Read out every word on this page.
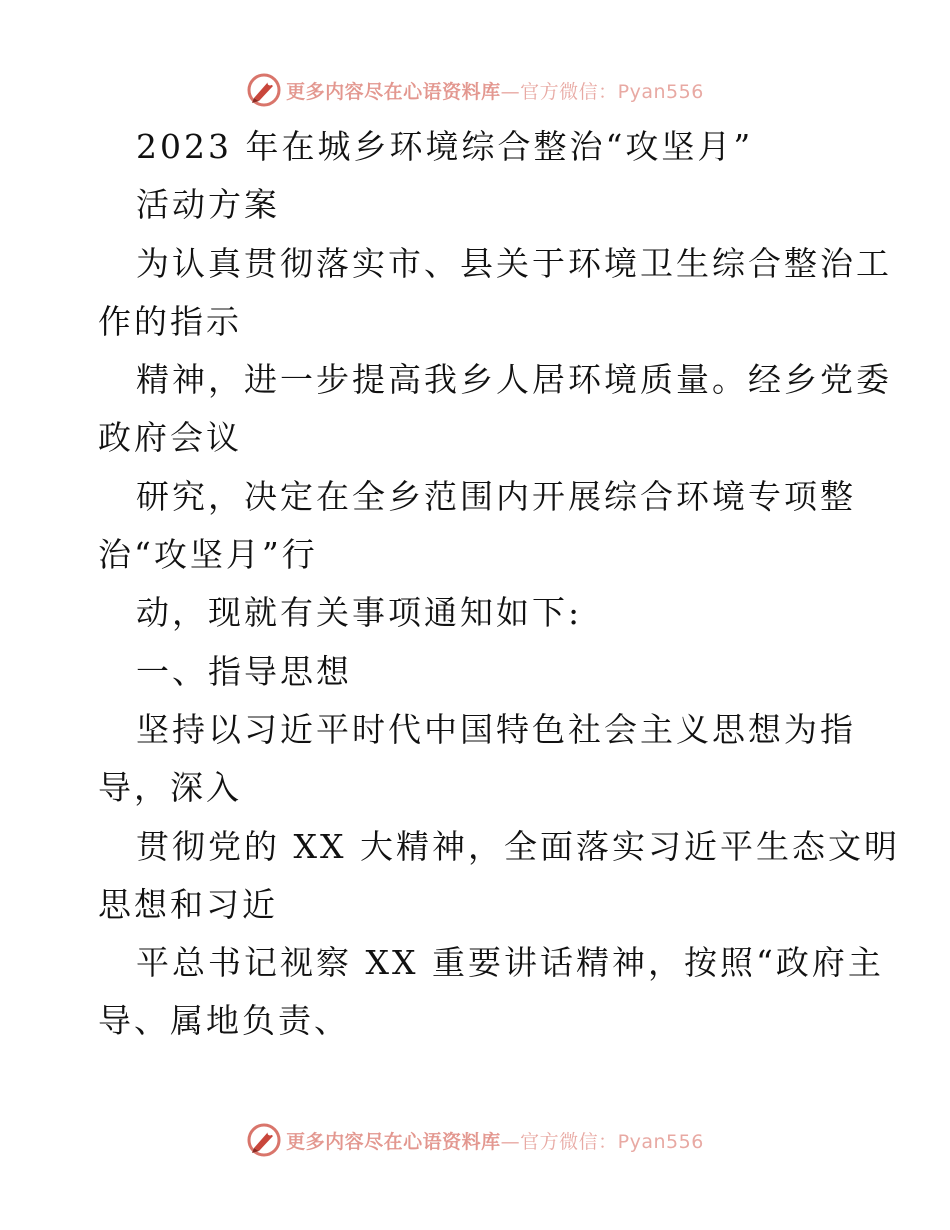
更多内容尽在心语资料库—官方微信：Pyan556
2023 年在城乡环境综合整治“攻坚月”
活动方案
为认真贯彻落实市、县关于环境卫生综合整治工
作的指示
精神，进一步提高我乡人居环境质量。经乡党委
政府会议
研究，决定在全乡范围内开展综合环境专项整
治“攻坚月”行
动，现就有关事项通知如下:
一、指导思想
坚持以习近平时代中国特色社会主义思想为指
导，深入
贯彻党的 XX 大精神，全面落实习近平生态文明
思想和习近
平总书记视察 XX 重要讲话精神，按照“政府主
导、属地负责、
更多内容尽在心语资料库—官方微信：Pyan556
